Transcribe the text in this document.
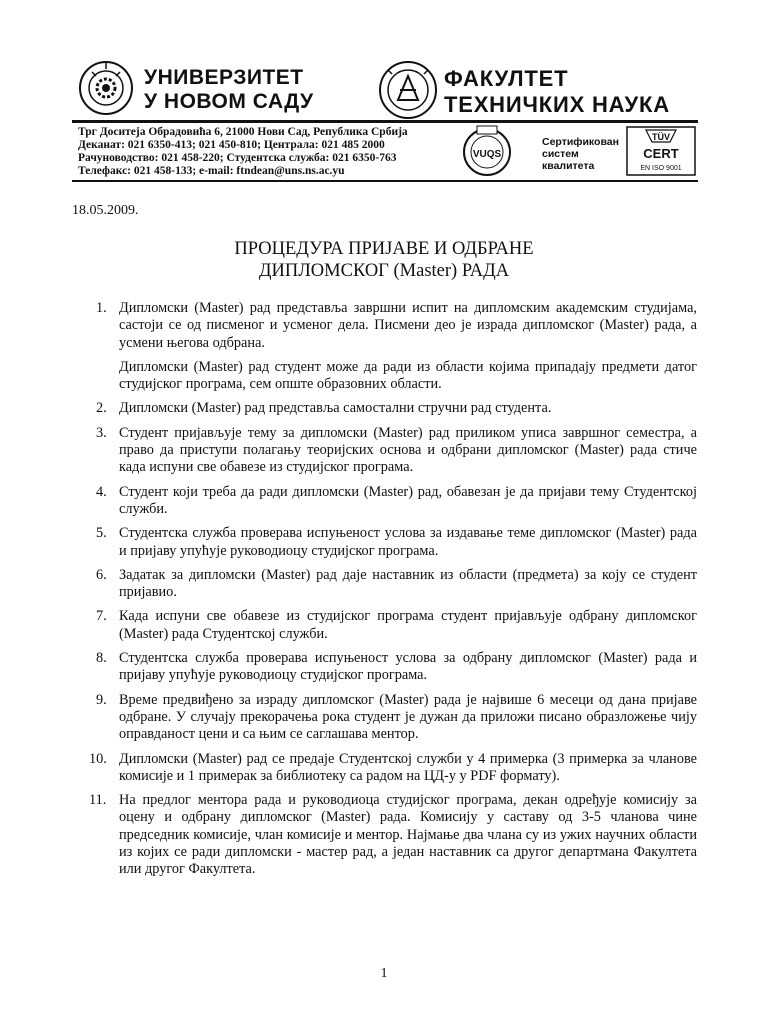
УНИВЕРЗИТЕТ
У НОВОМ САДУ
ФАКУЛТЕТ
ТЕХНИЧКИХ НАУКА
Трг Доситеја Обрадовића 6, 21000 Нови Сад, Република Србија
Деканат: 021 6350-413; 021 450-810; Централа: 021 485 2000
Рачуноводство: 021 458-220; Студентска служба: 021 6350-763
Телефакс: 021 458-133; e-mail: ftndean@uns.ns.ac.yu
VUQS
Сертификован
систем
квалитета
TÜV
CERT
EN ISO 9001
18.05.2009.
ПРОЦЕДУРА ПРИЈАВЕ И ОДБРАНЕ
ДИПЛОМСКОГ (Master) РАДА
1. Дипломски (Master) рад представља завршни испит на дипломским академским студијама, састоји се од писменог и усменог дела. Писмени део је израда дипломског (Master) рада, а усмени његова одбрана.

Дипломски (Master) рад студент може да ради из области којима припадају предмети датог студијског програма, сем опште образовних области.

2. Дипломски (Master) рад представља самостални стручни рад студента.

3. Студент пријављује тему за дипломски (Master) рад приликом уписа завршног семестра, а право да приступи полагању теоријских основа и одбрани дипломског (Master) рада стиче када испуни све обавезе из студијског програма.

4. Студент који треба да ради дипломски (Master) рад, обавезан је да пријави тему Студентској служби.

5. Студентска служба проверава испуњеност услова за издавање теме дипломског (Master) рада и пријаву упућује руководиоцу студијског програма.

6. Задатак за дипломски (Master) рад даје наставник из области (предмета) за коју се студент пријавио.

7. Када испуни све обавезе из студијског програма студент пријављује одбрану дипломског (Master) рада Студентској служби.

8. Студентска служба проверава испуњеност услова за одбрану дипломског (Master) рада и пријаву упућује руководиоцу студијског програма.

9. Време предвиђено за израду дипломског (Master) рада је највише 6 месеци од дана пријаве одбране. У случају прекорачења рока студент је дужан да приложи писано образложење чију оправданост цени и са њим се саглашава ментор.

10. Дипломски (Master) рад се предаје Студентској служби у 4 примерка (3 примерка за чланове комисије и 1 примерак за библиотеку са радом на ЦД-у у PDF формату).

11. На предлог ментора рада и руководиоца студијског програма, декан одређује комисију за оцену и одбрану дипломског (Master) рада. Комисију у саставу од 3-5 чланова чине председник комисије, члан комисије и ментор. Најмање два члана су из ужих научних области из којих се ради дипломски - мастер рад, а један наставник са другог департмана Факултета или другог Факултета.

1
